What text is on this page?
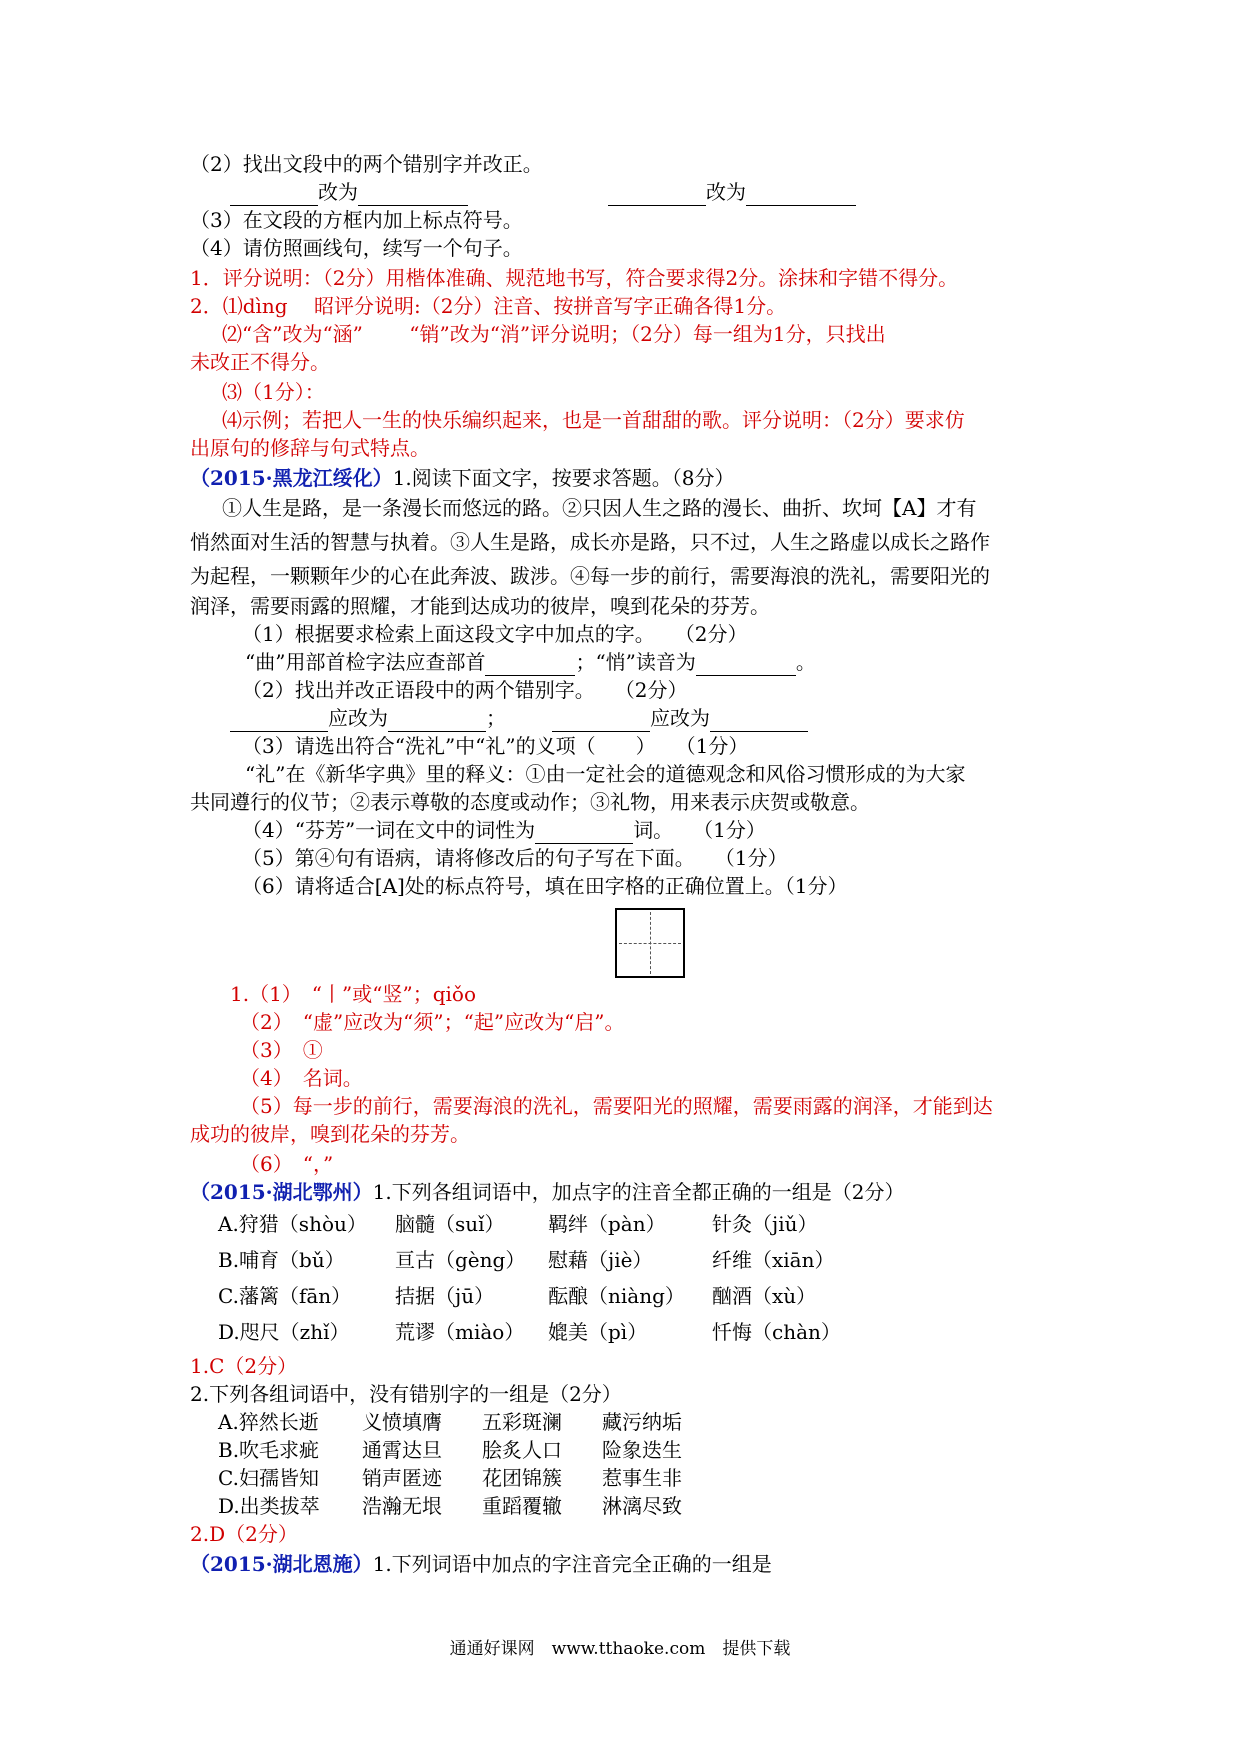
（2）找出文段中的两个错别字并改正。
改为	改为
（3）在文段的方框内加上标点符号。
（4）请仿照画线句，续写一个句子。
1．评分说明：（2分）用楷体准确、规范地书写，符合要求得2分。涂抹和字错不得分。
2．⑴dìng　 昭评分说明:（2分）注音、按拼音写字正确各得1分。
⑵“含”改为“涵”　　 “销”改为“消”评分说明；（2分）每一组为1分，只找出
未改正不得分。
⑶（1分）：
⑷示例；若把人一生的快乐编织起来，也是一首甜甜的歌。评分说明：（2分）要求仿
出原句的修辞与句式特点。
（2015·黑龙江绥化）1.阅读下面文字，按要求答题。（8分）
①人生是路，是一条漫长而悠远的路。②只因人生之路的漫长、曲折、坎坷【A】才有
悄然面对生活的智慧与执着。③人生是路，成长亦是路，只不过，人生之路虚以成长之路作
为起程，一颗颗年少的心在此奔波、跋涉。④每一步的前行，需要海浪的洗礼，需要阳光的
润泽，需要雨露的照耀，才能到达成功的彼岸，嗅到花朵的芬芳。
（1）根据要求检索上面这段文字中加点的字。　　（2分）
“曲”用部首检字法应查部首	；“悄”读音为	。
（2）找出并改正语段中的两个错别字。　　（2分）
应改为	；	应改为
（3）请选出符合“洗礼”中“礼”的义项（　　）　　（1分）
“礼”在《新华字典》里的释义：①由一定社会的道德观念和风俗习惯形成的为大家
共同遵行的仪节；②表示尊敬的态度或动作；③礼物，用来表示庆贺或敬意。
（4）“芬芳”一词在文中的词性为	词。　　（1分）
（5）第④句有语病，请将修改后的句子写在下面。　　（1分）
（6）请将适合[A]处的标点符号，填在田字格的正确位置上。（1分）
1.（1）　“丨”或“竖”；qiǒo
（2）　“虚”应改为“须”；“起”应改为“启”。
（3）　①
（4）　名词。
（5）每一步的前行，需要海浪的洗礼，需要阳光的照耀，需要雨露的润泽，才能到达
成功的彼岸，嗅到花朵的芬芳。
（6）　“，”
（2015·湖北鄂州）1.下列各组词语中，加点字的注音全都正确的一组是（2分）
A.狩猎（shòu）	脑髓（suǐ）	羁绊（pàn）	针灸（jiǔ）
B.哺育（bǔ）	亘古（gèng）	慰藉（jiè）	纤维（xiān）
C.藩篱（fān）	拮据（jū）	酝酿（niàng）	酗酒（xù）
D.咫尺（zhǐ）	荒谬（miào）	媲美（pì）	忏悔（chàn）
1.C（2分）
2.下列各组词语中，没有错别字的一组是（2分）
A.猝然长逝	义愤填膺	五彩斑澜	藏污纳垢
B.吹毛求疵	通霄达旦	脍炙人口	险象迭生
C.妇孺皆知	销声匿迹	花团锦簇	惹事生非
D.出类拔萃	浩瀚无垠	重蹈覆辙	淋漓尽致
2.D（2分）
（2015·湖北恩施）1.下列词语中加点的字注音完全正确的一组是
通通好课网　www.tthaoke.com　提供下载
